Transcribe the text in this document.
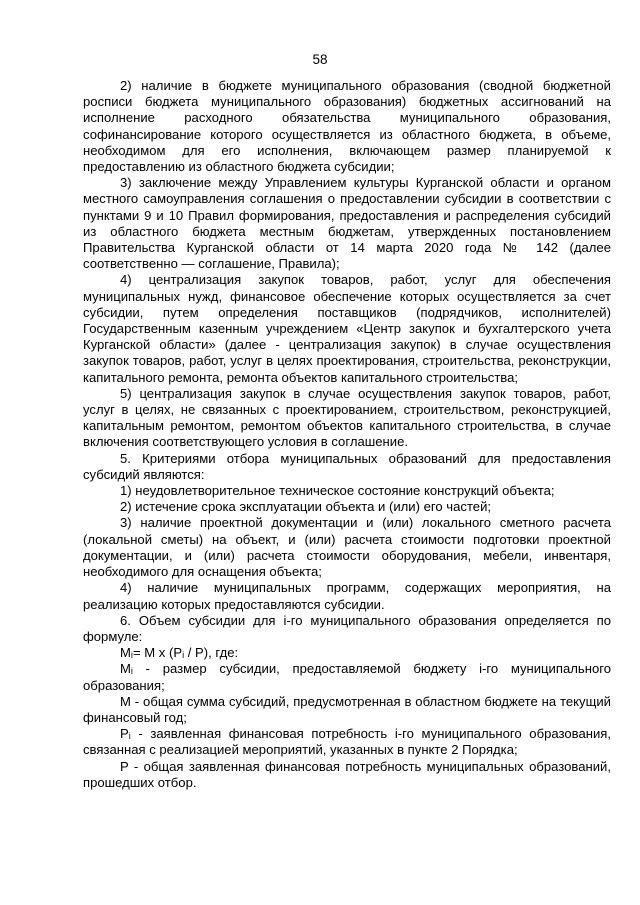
58

2) наличие в бюджете муниципального образования (сводной бюджетной росписи бюджета муниципального образования) бюджетных ассигнований на исполнение расходного обязательства муниципального образования, софинансирование которого осуществляется из областного бюджета, в объеме, необходимом для его исполнения, включающем размер планируемой к предоставлению из областного бюджета субсидии;

3) заключение между Управлением культуры Курганской области и органом местного самоуправления соглашения о предоставлении субсидии в соответствии с пунктами 9 и 10 Правил формирования, предоставления и распределения субсидий из областного бюджета местным бюджетам, утвержденных постановлением Правительства Курганской области от 14 марта 2020 года № 142 (далее соответственно — соглашение, Правила);

4) централизация закупок товаров, работ, услуг для обеспечения муниципальных нужд, финансовое обеспечение которых осуществляется за счет субсидии, путем определения поставщиков (подрядчиков, исполнителей) Государственным казенным учреждением «Центр закупок и бухгалтерского учета Курганской области» (далее - централизация закупок) в случае осуществления закупок товаров, работ, услуг в целях проектирования, строительства, реконструкции, капитального ремонта, ремонта объектов капитального строительства;

5) централизация закупок в случае осуществления закупок товаров, работ, услуг в целях, не связанных с проектированием, строительством, реконструкцией, капитальным ремонтом, ремонтом объектов капитального строительства, в случае включения соответствующего условия в соглашение.

5. Критериями отбора муниципальных образований для предоставления субсидий являются:

1) неудовлетворительное техническое состояние конструкций объекта;

2) истечение срока эксплуатации объекта и (или) его частей;

3) наличие проектной документации и (или) локального сметного расчета (локальной сметы) на объект, и (или) расчета стоимости подготовки проектной документации, и (или) расчета стоимости оборудования, мебели, инвентаря, необходимого для оснащения объекта;

4) наличие муниципальных программ, содержащих мероприятия, на реализацию которых предоставляются субсидии.

6. Объем субсидии для i-го муниципального образования определяется по формуле:

Mᵢ= M x (Pᵢ / P), где:

Mᵢ - размер субсидии, предоставляемой бюджету i-го муниципального образования;

M - общая сумма субсидий, предусмотренная в областном бюджете на текущий финансовый год;

Pᵢ - заявленная финансовая потребность i-го муниципального образования, связанная с реализацией мероприятий, указанных в пункте 2 Порядка;

P - общая заявленная финансовая потребность муниципальных образований, прошедших отбор.
